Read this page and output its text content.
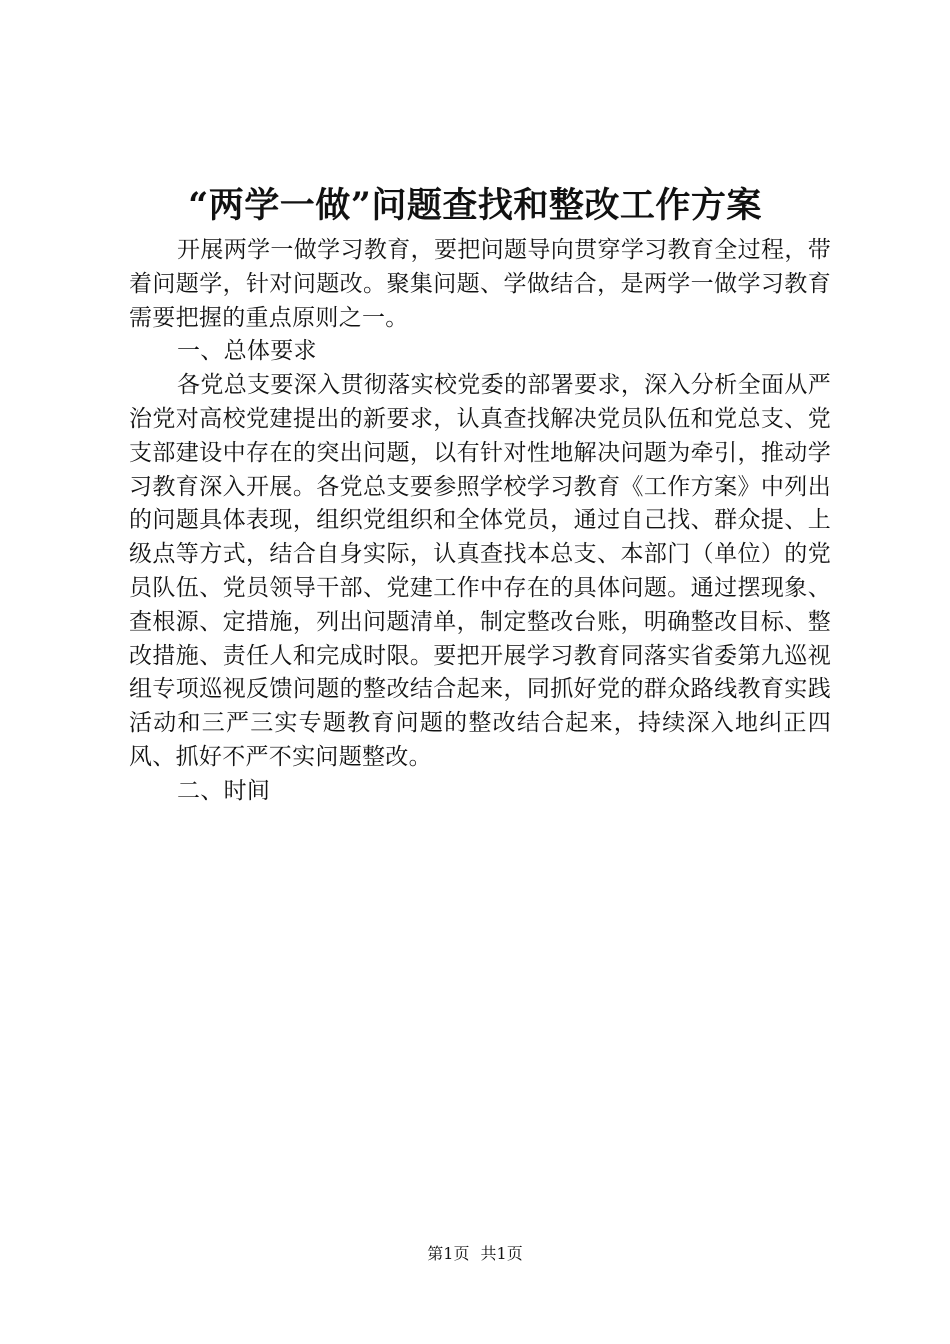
“两学一做”问题查找和整改工作方案

开展两学一做学习教育，要把问题导向贯穿学习教育全过程，带着问题学，针对问题改。聚集问题、学做结合，是两学一做学习教育需要把握的重点原则之一。

一、总体要求

各党总支要深入贯彻落实校党委的部署要求，深入分析全面从严治党对高校党建提出的新要求，认真查找解决党员队伍和党总支、党支部建设中存在的突出问题，以有针对性地解决问题为牵引，推动学习教育深入开展。各党总支要参照学校学习教育《工作方案》中列出的问题具体表现，组织党组织和全体党员，通过自己找、群众提、上级点等方式，结合自身实际，认真查找本总支、本部门（单位）的党员队伍、党员领导干部、党建工作中存在的具体问题。通过摆现象、查根源、定措施，列出问题清单，制定整改台账，明确整改目标、整改措施、责任人和完成时限。要把开展学习教育同落实省委第九巡视组专项巡视反馈问题的整改结合起来，同抓好党的群众路线教育实践活动和三严三实专题教育问题的整改结合起来，持续深入地纠正四风、抓好不严不实问题整改。

二、时间

第1页 共1页
